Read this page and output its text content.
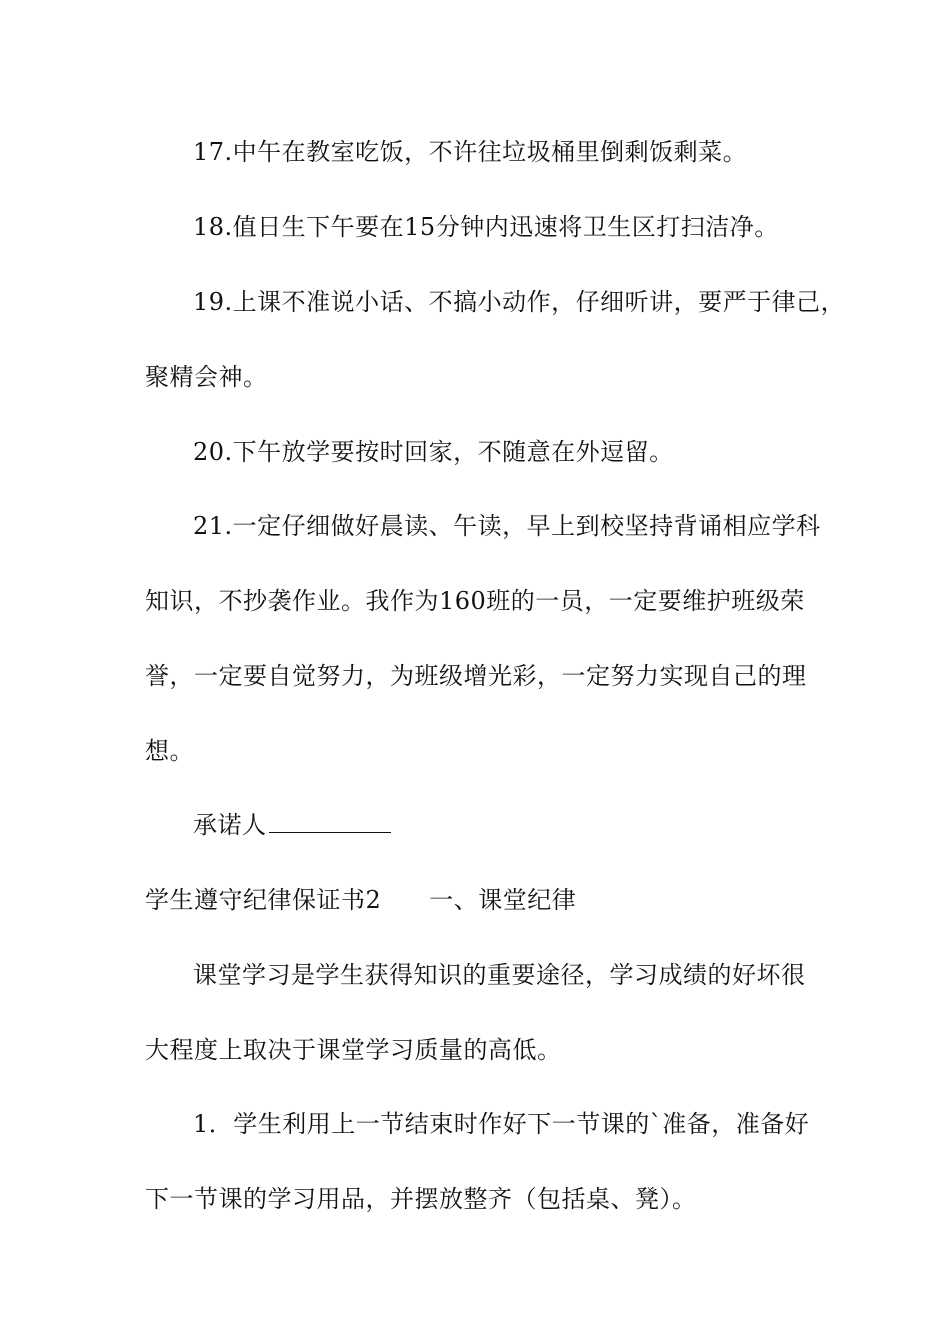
17.中午在教室吃饭，不许往垃圾桶里倒剩饭剩菜。
18.值日生下午要在15分钟内迅速将卫生区打扫洁净。
19.上课不准说小话、不搞小动作，仔细听讲，要严于律己，
聚精会神。
20.下午放学要按时回家，不随意在外逗留。
21.一定仔细做好晨读、午读，早上到校坚持背诵相应学科
知识，不抄袭作业。我作为160班的一员，一定要维护班级荣
誉，一定要自觉努力，为班级增光彩，一定努力实现自己的理
想。
承诺人
学生遵守纪律保证书2 一、课堂纪律
课堂学习是学生获得知识的重要途径，学习成绩的好坏很
大程度上取决于课堂学习质量的高低。
1．学生利用上一节结束时作好下一节课的`准备，准备好
下一节课的学习用品，并摆放整齐（包括桌、凳）。
